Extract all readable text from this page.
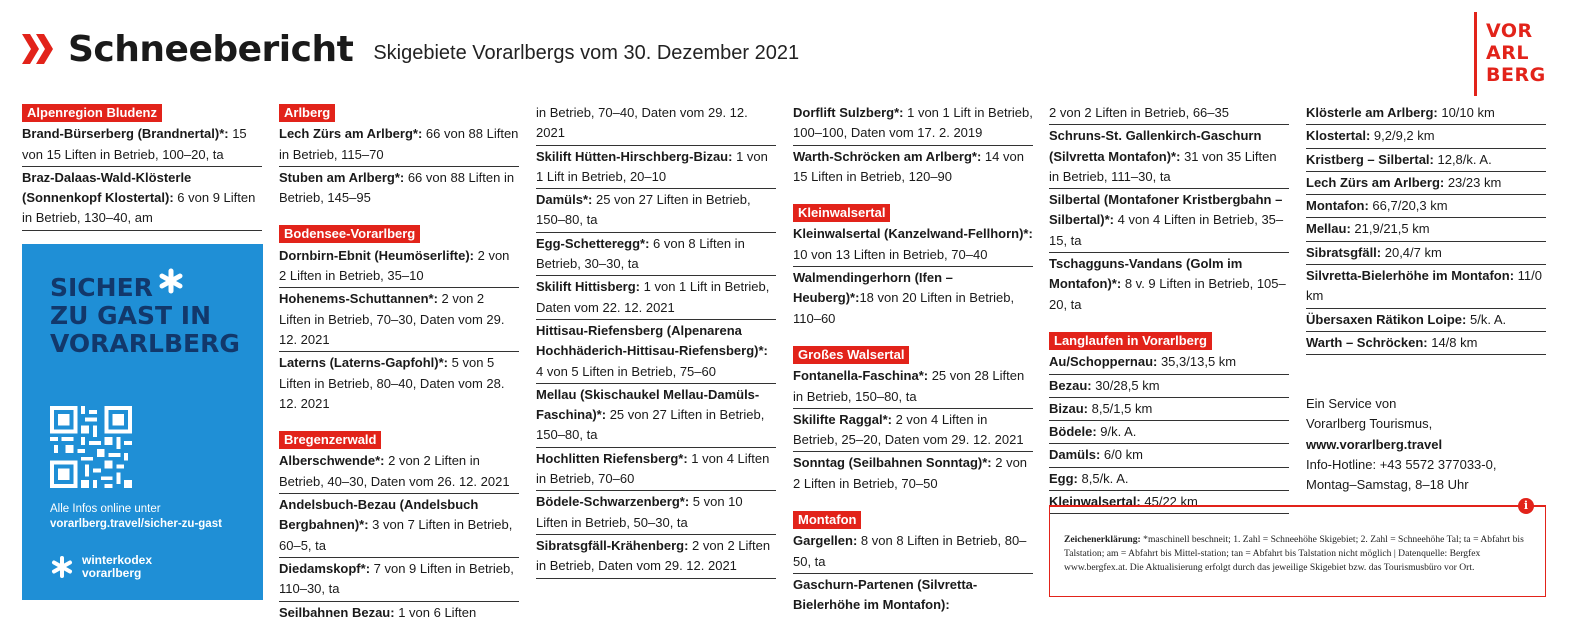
Schneebericht Skigebiete Vorarlbergs vom 30. Dezember 2021
VOR
ARL
BERG
Alpenregion Bludenz
Brand-Bürserberg (Brandnertal)*: 15 von 15 Liften in Betrieb, 100–20, ta
Braz-Dalaas-Wald-Klösterle (Sonnenkopf Klostertal): 6 von 9 Liften in Betrieb, 130–40, am
SICHER
ZU GAST IN
VORARLBERG
Alle Infos online unter
vorarlberg.travel/sicher-zu-gast
winterkodex
vorarlberg
Arlberg
Lech Zürs am Arlberg*: 66 von 88 Liften in Betrieb, 115–70
Stuben am Arlberg*: 66 von 88 Liften in Betrieb, 145–95
Bodensee-Vorarlberg
Dornbirn-Ebnit (Heumöserlifte): 2 von 2 Liften in Betrieb, 35–10
Hohenems-Schuttannen*: 2 von 2 Liften in Betrieb, 70–30, Daten vom 29. 12. 2021
Laterns (Laterns-Gapfohl)*: 5 von 5 Liften in Betrieb, 80–40, Daten vom 28. 12. 2021
Bregenzerwald
Alberschwende*: 2 von 2 Liften in Betrieb, 40–30, Daten vom 26. 12. 2021
Andelsbuch-Bezau (Andelsbuch Bergbahnen)*: 3 von 7 Liften in Betrieb, 60–5, ta
Diedamskopf*: 7 von 9 Liften in Betrieb, 110–30, ta
Seilbahnen Bezau: 1 von 6 Liften
in Betrieb, 70–40, Daten vom 29. 12. 2021
Skilift Hütten-Hirschberg-Bizau: 1 von 1 Lift in Betrieb, 20–10
Damüls*: 25 von 27 Liften in Betrieb, 150–80, ta
Egg-Schetteregg*: 6 von 8 Liften in Betrieb, 30–30, ta
Skilift Hittisberg: 1 von 1 Lift in Betrieb, Daten vom 22. 12. 2021
Hittisau-Riefensberg (Alpenarena Hochhäderich-Hittisau-Riefensberg)*: 4 von 5 Liften in Betrieb, 75–60
Mellau (Skischaukel Mellau-Damüls-Faschina)*: 25 von 27 Liften in Betrieb, 150–80, ta
Hochlitten Riefensberg*: 1 von 4 Liften in Betrieb, 70–60
Bödele-Schwarzenberg*: 5 von 10 Liften in Betrieb, 50–30, ta
Sibratsgfäll-Krähenberg: 2 von 2 Liften in Betrieb, Daten vom 29. 12. 2021
Dorflift Sulzberg*: 1 von 1 Lift in Betrieb, 100–100, Daten vom 17. 2. 2019
Warth-Schröcken am Arlberg*: 14 von 15 Liften in Betrieb, 120–90
Kleinwalsertal
Kleinwalsertal (Kanzelwand-Fellhorn)*: 10 von 13 Liften in Betrieb, 70–40
Walmendingerhorn (Ifen – Heuberg)*:18 von 20 Liften in Betrieb, 110–60
Großes Walsertal
Fontanella-Faschina*: 25 von 28 Liften in Betrieb, 150–80, ta
Skilifte Raggal*: 2 von 4 Liften in Betrieb, 25–20, Daten vom 29. 12. 2021
Sonntag (Seilbahnen Sonntag)*: 2 von 2 Liften in Betrieb, 70–50
Montafon
Gargellen: 8 von 8 Liften in Betrieb, 80–50, ta
Gaschurn-Partenen (Silvretta-Bielerhöhe im Montafon):
2 von 2 Liften in Betrieb, 66–35
Schruns-St. Gallenkirch-Gaschurn (Silvretta Montafon)*: 31 von 35 Liften in Betrieb, 111–30, ta
Silbertal (Montafoner Kristbergbahn – Silbertal)*: 4 von 4 Liften in Betrieb, 35–15, ta
Tschagguns-Vandans (Golm im Montafon)*: 8 v. 9 Liften in Betrieb, 105–20, ta
Langlaufen in Vorarlberg
Au/Schoppernau: 35,3/13,5 km
Bezau: 30/28,5 km
Bizau: 8,5/1,5 km
Bödele: 9/k. A.
Damüls: 6/0 km
Egg: 8,5/k. A.
Kleinwalsertal: 45/22 km
Klösterle am Arlberg: 10/10 km
Klostertal: 9,2/9,2 km
Kristberg – Silbertal: 12,8/k. A.
Lech Zürs am Arlberg: 23/23 km
Montafon: 66,7/20,3 km
Mellau: 21,9/21,5 km
Sibratsgfäll: 20,4/7 km
Silvretta-Bielerhöhe im Montafon: 11/0 km
Übersaxen Rätikon Loipe: 5/k. A.
Warth – Schröcken: 14/8 km
Ein Service von
Vorarlberg Tourismus,
www.vorarlberg.travel
Info-Hotline: +43 5572 377033-0,
Montag–Samstag, 8–18 Uhr
i
Zeichenerklärung: *maschinell beschneit; 1. Zahl = Schneehöhe Skigebiet; 2. Zahl = Schneehöhe Tal; ta = Abfahrt bis Talstation; am = Abfahrt bis Mittel-station; tan = Abfahrt bis Talstation nicht möglich | Datenquelle: Bergfex www.bergfex.at. Die Aktualisierung erfolgt durch das jeweilige Skigebiet bzw. das Tourismusbüro vor Ort.
